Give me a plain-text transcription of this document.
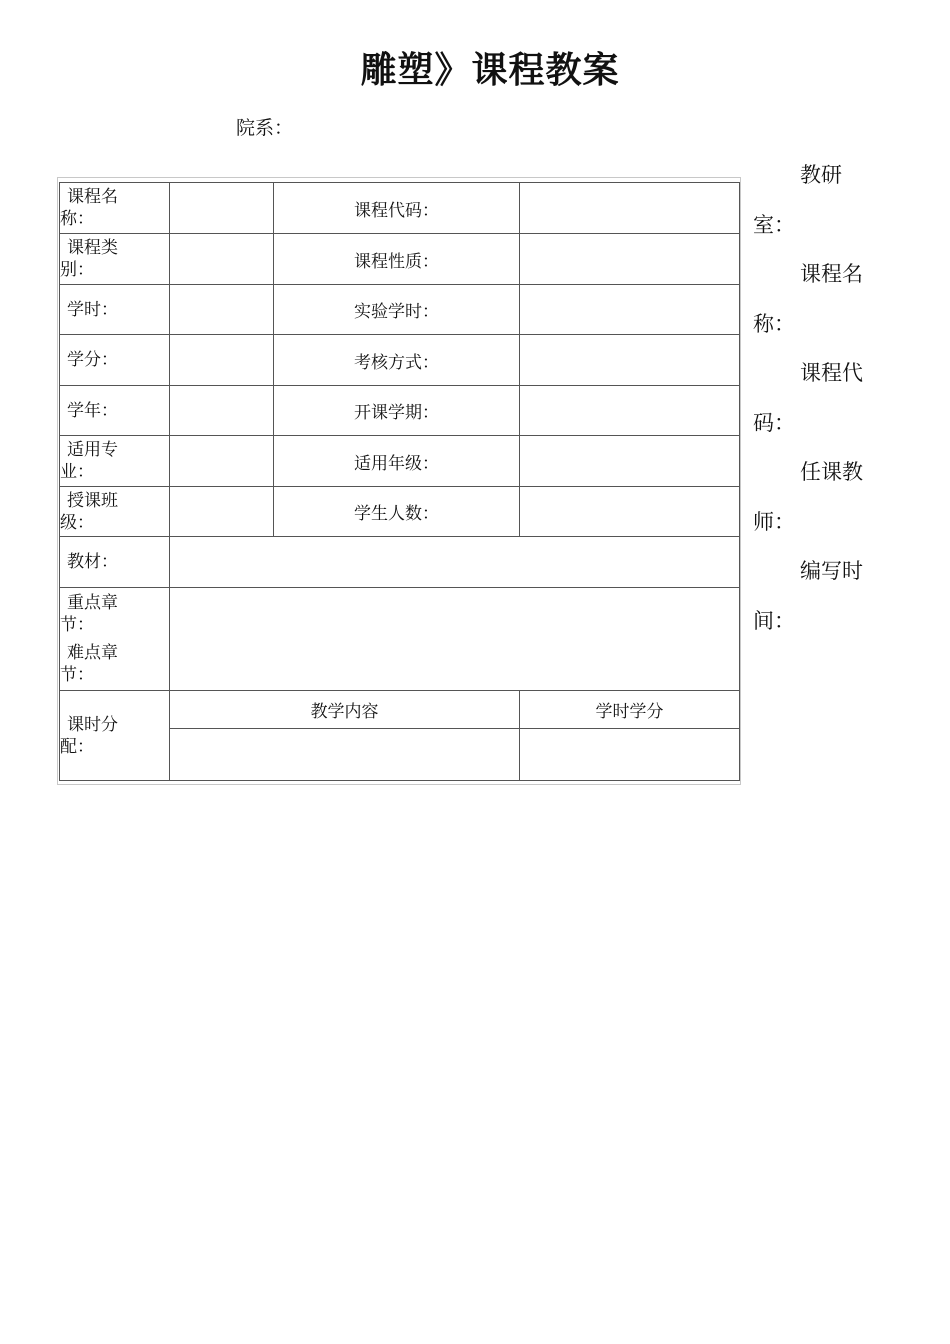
雕塑》课程教案
院系：
教研
室：
课程名
称：
课程代
码：
任课教
师：
编写时
间：
课程名
称：		课程代码：	

课程类
别：		课程性质：	

学时：		实验学时：	

学分：		考核方式：	

学年：		开课学期：	

适用专
业：		适用年级：	

授课班
级：		学生人数：	

教材：			

重点章
节：
难点章
节：			

课时分
配：	教学内容		学时学分
